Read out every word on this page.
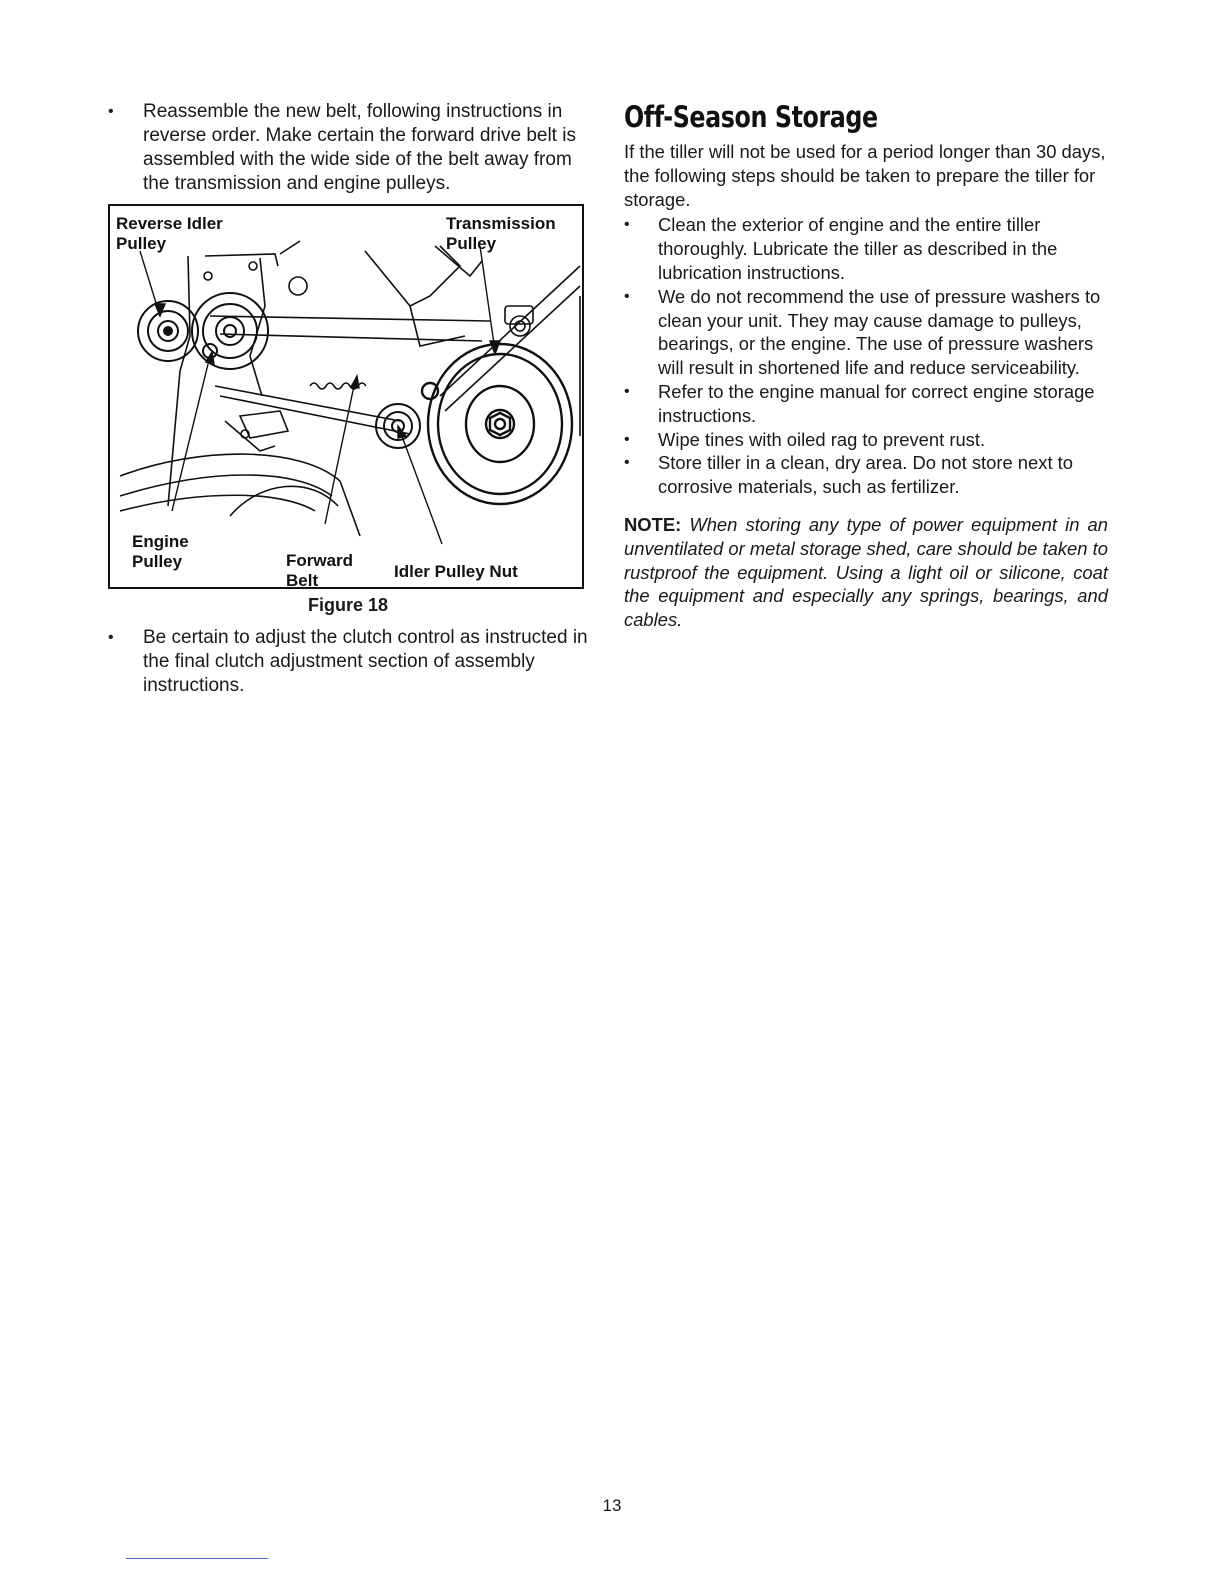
• Reassemble the new belt, following instructions in reverse order. Make certain the forward drive belt is assembled with the wide side of the belt away from the transmission and engine pulleys.
Reverse Idler
Pulley
Transmission
Pulley
Engine
Pulley	Forward
Belt	Idler Pulley Nut
Figure 18
• Be certain to adjust the clutch control as instructed in the final clutch adjustment section of assembly instructions.
Off-Season Storage

If the tiller will not be used for a period longer than 30 days, the following steps should be taken to prepare the tiller for storage.

• Clean the exterior of engine and the entire tiller thoroughly. Lubricate the tiller as described in the lubrication instructions.
• We do not recommend the use of pressure washers to clean your unit. They may cause damage to pulleys, bearings, or the engine. The use of pressure washers will result in shortened life and reduce serviceability.
• Refer to the engine manual for correct engine storage instructions.
• Wipe tines with oiled rag to prevent rust.
• Store tiller in a clean, dry area. Do not store next to corrosive materials, such as fertilizer.

NOTE: When storing any type of power equipment in an unventilated or metal storage shed, care should be taken to rustproof the equipment. Using a light oil or silicone, coat the equipment and especially any springs, bearings, and cables.

13
